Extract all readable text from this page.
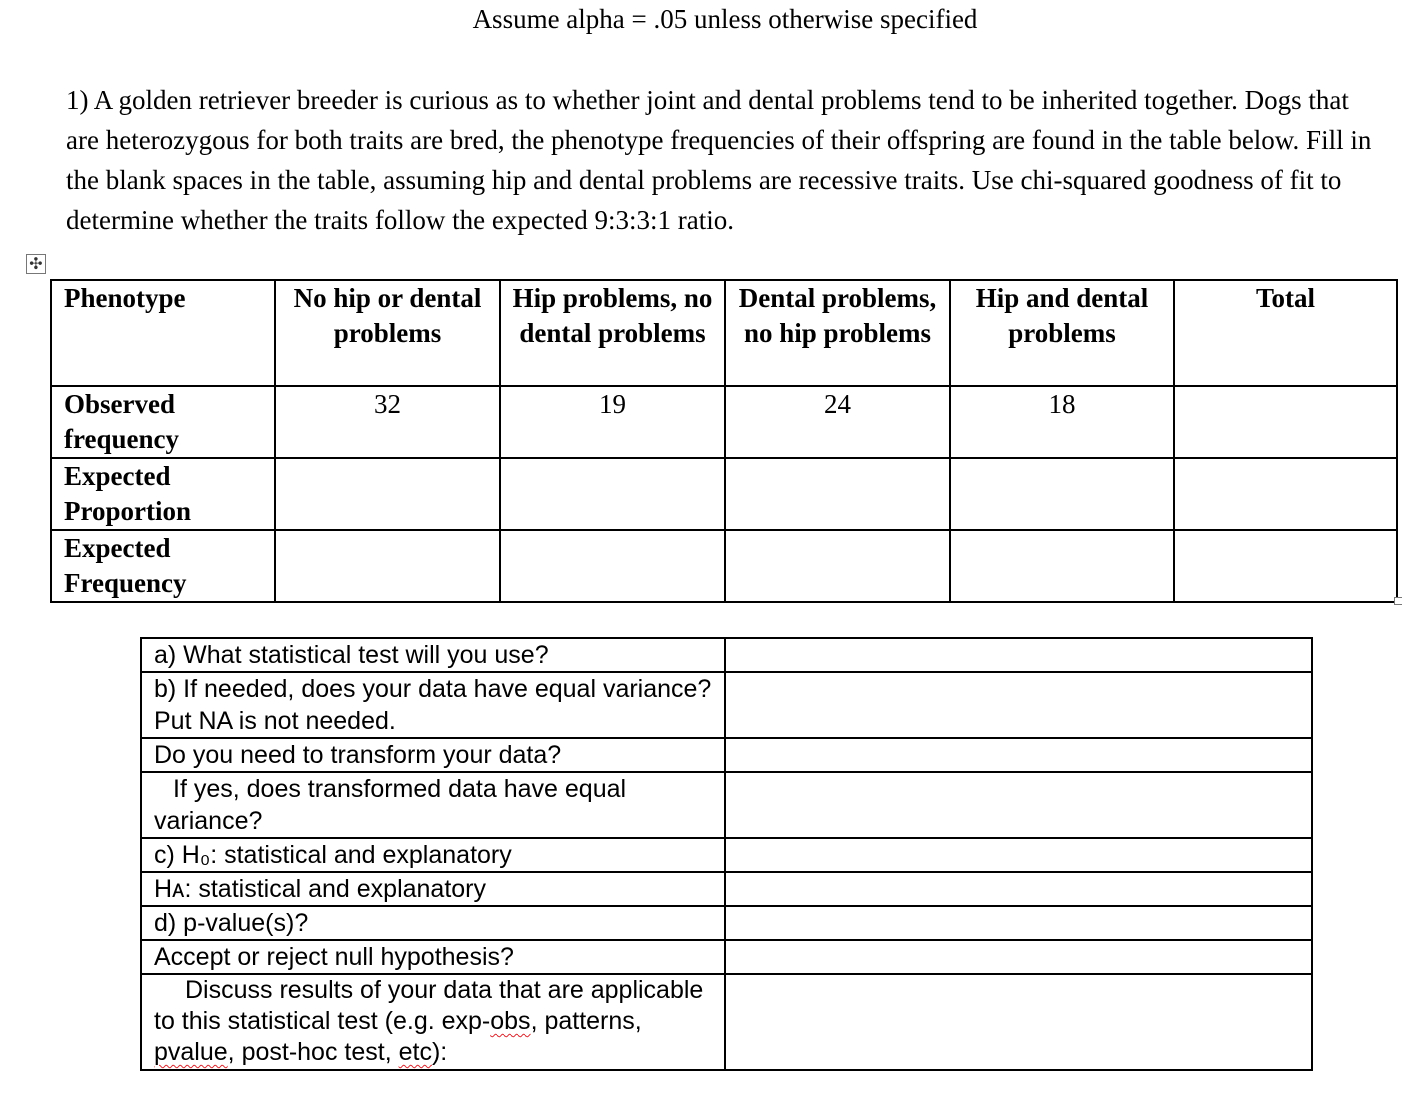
Assume alpha = .05 unless otherwise specified
1) A golden retriever breeder is curious as to whether joint and dental problems tend to be inherited together. Dogs that are heterozygous for both traits are bred, the phenotype frequencies of their offspring are found in the table below. Fill in the blank spaces in the table, assuming hip and dental problems are recessive traits. Use chi-squared goodness of fit to determine whether the traits follow the expected 9:3:3:1 ratio.
✣
Phenotype	No hip or dental problems	Hip problems, no dental problems	Dental problems, no hip problems	Hip and dental problems	Total
Observed frequency	32	19	24	18	
Expected Proportion					
Expected Frequency					
a) What statistical test will you use?	
b) If needed, does your data have equal variance? Put NA is not needed.	
Do you need to transform your data?	

If yes, does transformed data have equal
variance?	

c) H₀: statistical and explanatory	
Hᴀ: statistical and explanatory	
d) p-value(s)?	
Accept or reject null hypothesis?	
Discuss results of your data that are applicable to this statistical test (e.g. exp-obs, patterns, pvalue, post-hoc test, etc):	
